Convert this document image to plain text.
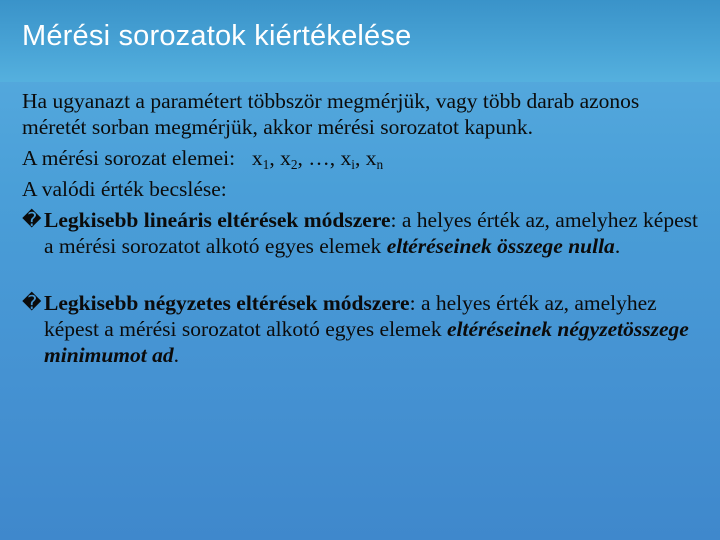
Mérési sorozatok kiértékelése

Ha ugyanazt a paramétert többször megmérjük, vagy több darab azonos méretét sorban megmérjük, akkor mérési sorozatot kapunk.

A mérési sorozat elemei: $x_1$, $x_2$, …, $x_i$, $x_n$

A valódi érték becslése:

� Legkisebb lineáris eltérések módszere: a helyes érték az, amelyhez képest a mérési sorozatot alkotó egyes elemek eltéréseinek összege nulla.
� Legkisebb négyzetes eltérések módszere: a helyes érték az, amelyhez képest a mérési sorozatot alkotó egyes elemek eltéréseinek négyzetösszege minimumot ad.
